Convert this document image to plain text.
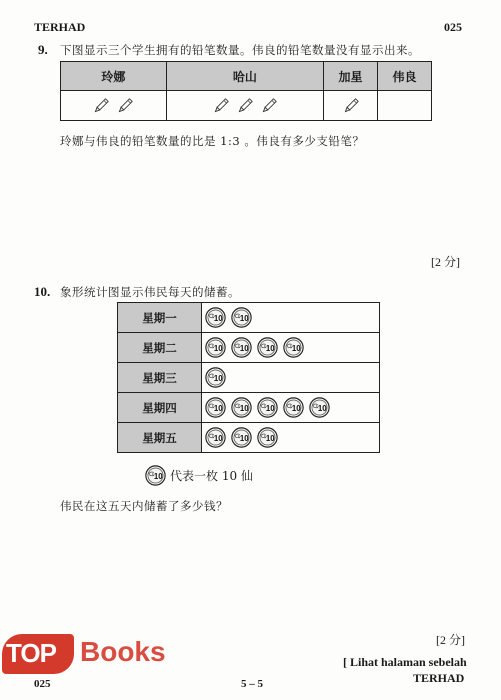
TERHAD	025
9. 下图显示三个学生拥有的铅笔数量。伟良的铅笔数量没有显示出来。
玲娜	哈山	加星	伟良

玲娜与伟良的铅笔数量的比是 1:3 。伟良有多少支铅笔？
[2 分]
10. 象形统计图显示伟民每天的储蓄。
星期一	10 10

星期二	10 10 10 10

星期三	10

星期四	10 10 10 10 10

星期五	10 10 10
10 代表一枚 10 仙
伟民在这五天内储蓄了多少钱？
[2 分]
025	5 – 5
[ Lihat halaman sebelah
TERHAD
TOP Books
